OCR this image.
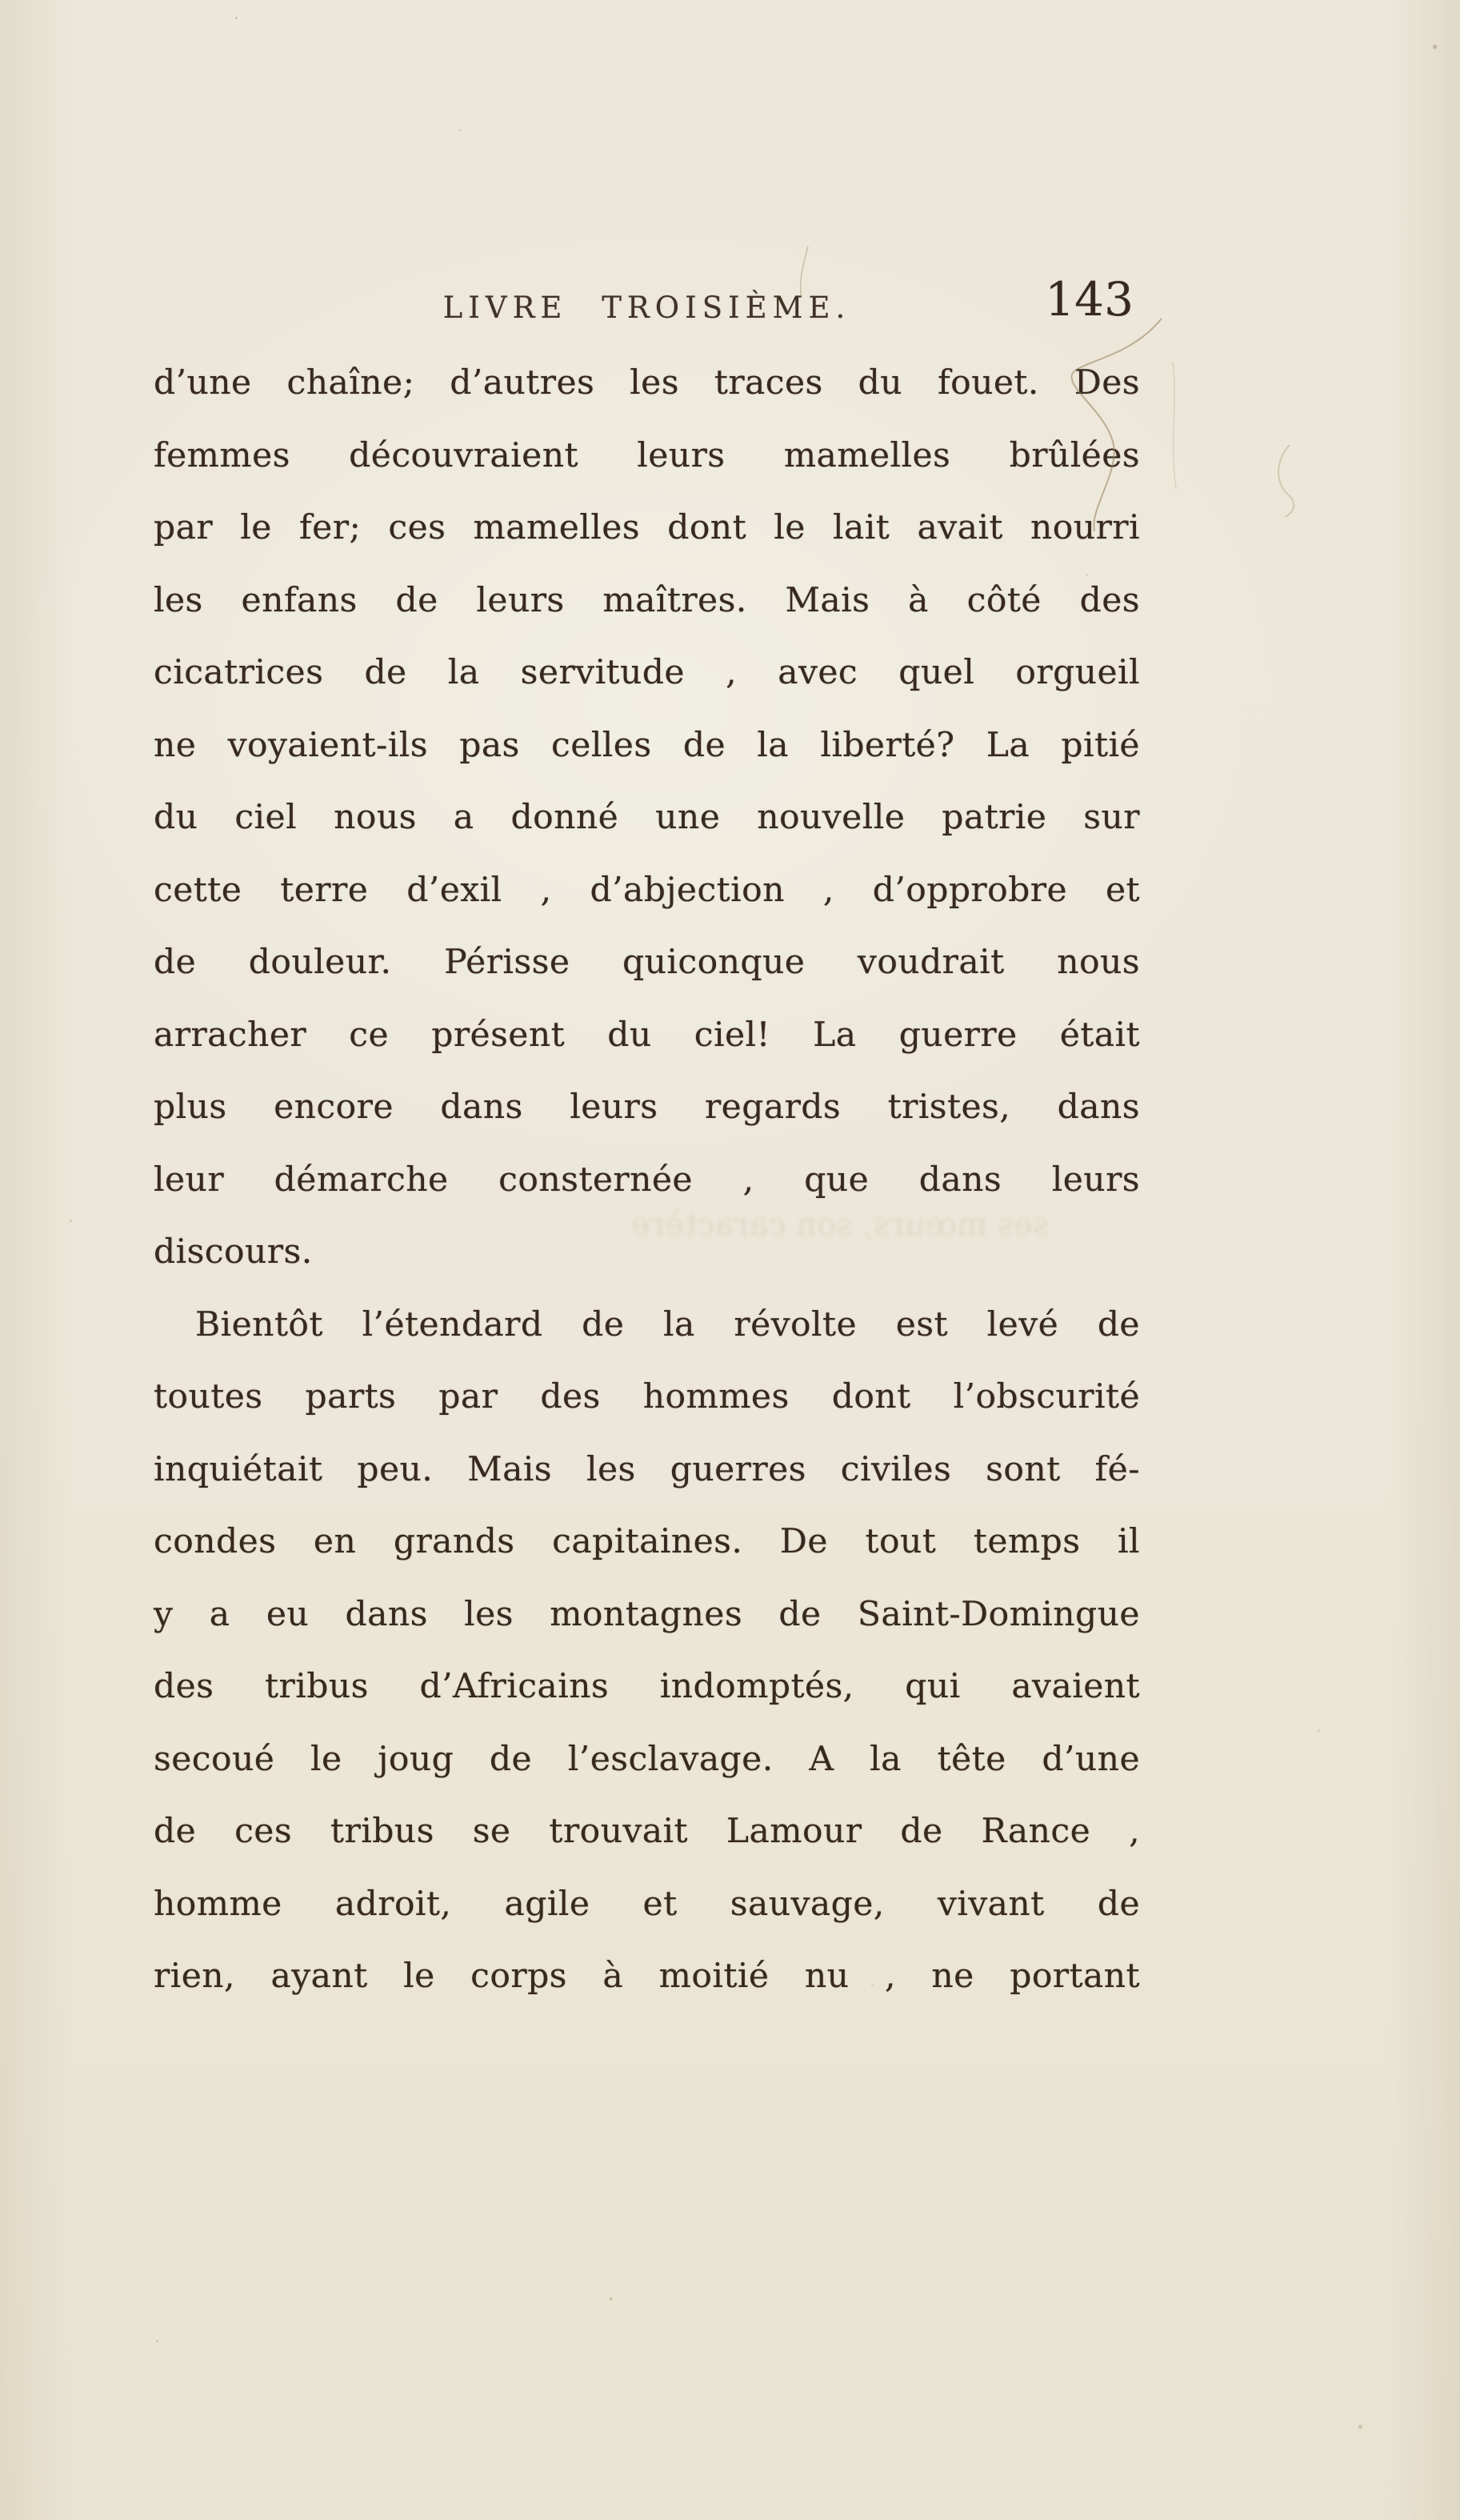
LIVRE TROISIÈME.	143
ses mœurs, son caractère
d’une chaîne; d’autres les traces du fouet. Des
femmes découvraient leurs mamelles brûlées
par le fer; ces mamelles dont le lait avait nourri
les enfans de leurs maîtres. Mais à côté des
cicatrices de la servitude , avec quel orgueil
ne voyaient-ils pas celles de la liberté? La pitié
du ciel nous a donné une nouvelle patrie sur
cette terre d’exil , d’abjection , d’opprobre et
de douleur. Périsse quiconque voudrait nous
arracher ce présent du ciel! La guerre était
plus encore dans leurs regards tristes, dans
leur démarche consternée , que dans leurs
discours.
Bientôt l’étendard de la révolte est levé de
toutes parts par des hommes dont l’obscurité
inquiétait peu. Mais les guerres civiles sont fé-
condes en grands capitaines. De tout temps il
y a eu dans les montagnes de Saint-Domingue
des tribus d’Africains indomptés, qui avaient
secoué le joug de l’esclavage. A la tête d’une
de ces tribus se trouvait Lamour de Rance ,
homme adroit, agile et sauvage, vivant de
rien, ayant le corps à moitié nu , ne portant
